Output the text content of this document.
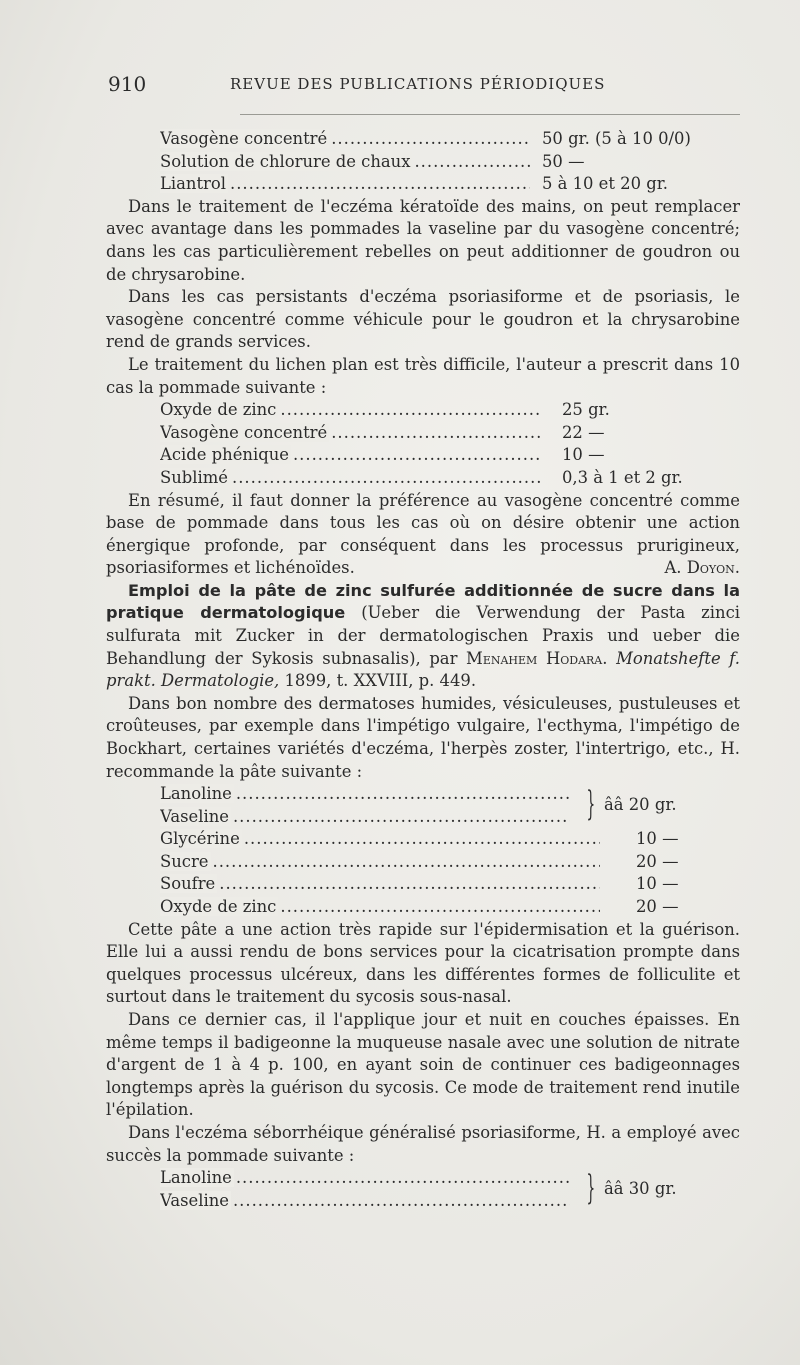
910	REVUE DES PUBLICATIONS PÉRIODIQUES
Vasogène concentré .....	50 gr. (5 à 10 0/0)
Solution de chlorure de chaux .....	50 —
Liantrol .....	5 à 10 et 20 gr.

Dans le traitement de l'eczéma kératoïde des mains, on peut remplacer avec avantage dans les pommades la vaseline par du vasogène concentré; dans les cas particulièrement rebelles on peut additionner de goudron ou de chrysarobine.

Dans les cas persistants d'eczéma psoriasiforme et de psoriasis, le vasogène concentré comme véhicule pour le goudron et la chrysarobine rend de grands services.

Le traitement du lichen plan est très difficile, l'auteur a prescrit dans 10 cas la pommade suivante :

Oxyde de zinc .....	25 gr.
Vasogène concentré .....	22 —
Acide phénique .....	10 —
Sublimé .....	0,3 à 1 et 2 gr.

En résumé, il faut donner la préférence au vasogène concentré comme base de pommade dans tous les cas où on désire obtenir une action énergique profonde, par conséquent dans les processus prurigineux, psoriasiformes et lichénoïdes.	A. Doyon.

Emploi de la pâte de zinc sulfurée additionnée de sucre dans la pratique dermatologique (Ueber die Verwendung der Pasta zinci sulfurata mit Zucker in der dermatologischen Praxis und ueber die Behandlung der Sykosis subnasalis), par Menahem Hodara. Monatshefte f. prakt. Dermatologie, 1899, t. XXVIII, p. 449.

Dans bon nombre des dermatoses humides, vésiculeuses, pustuleuses et croûteuses, par exemple dans l'impétigo vulgaire, l'ecthyma, l'impétigo de Bockhart, certaines variétés d'eczéma, l'herpès zoster, l'intertrigo, etc., H. recommande la pâte suivante :

Lanoline .....
Vaseline .....	} ââ 20 gr.
Glycérine .....	10 —
Sucre .....	20 —
Soufre .....	10 —
Oxyde de zinc .....	20 —

Cette pâte a une action très rapide sur l'épidermisation et la guérison. Elle lui a aussi rendu de bons services pour la cicatrisation prompte dans quelques processus ulcéreux, dans les différentes formes de folliculite et surtout dans le traitement du sycosis sous-nasal.

Dans ce dernier cas, il l'applique jour et nuit en couches épaisses. En même temps il badigeonne la muqueuse nasale avec une solution de nitrate d'argent de 1 à 4 p. 100, en ayant soin de continuer ces badigeonnages longtemps après la guérison du sycosis. Ce mode de traitement rend inutile l'épilation.

Dans l'eczéma séborrhéique généralisé psoriasiforme, H. a employé avec succès la pommade suivante :

Lanoline .....
Vaseline .....	} ââ 30 gr.
